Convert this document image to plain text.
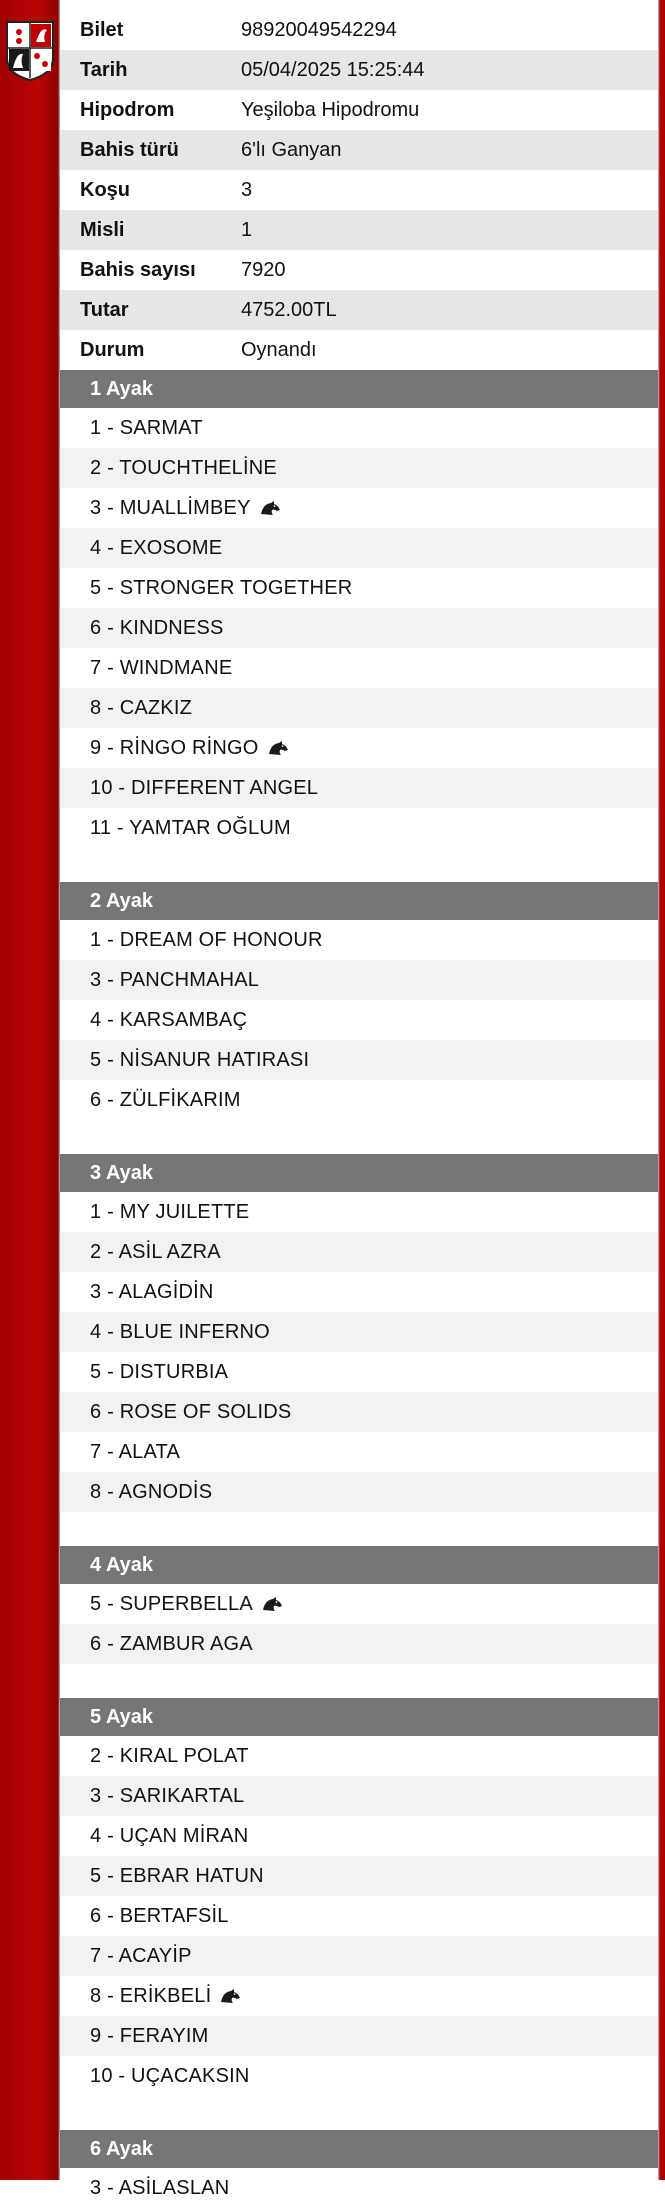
Bilet	98920049542294
Tarih	05/04/2025 15:25:44
Hipodrom	Yeşiloba Hipodromu
Bahis türü	6'lı Ganyan
Koşu	3
Misli	1
Bahis sayısı	7920
Tutar	4752.00TL
Durum	Oynandı
1 Ayak
1 - SARMAT
2 - TOUCHTHELİNE
3 - MUALLİMBEY
4 - EXOSOME
5 - STRONGER TOGETHER
6 - KINDNESS
7 - WINDMANE
8 - CAZKIZ
9 - RİNGO RİNGO
10 - DIFFERENT ANGEL
11 - YAMTAR OĞLUM
2 Ayak
1 - DREAM OF HONOUR
3 - PANCHMAHAL
4 - KARSAMBAÇ
5 - NİSANUR HATIRASI
6 - ZÜLFİKARIM
3 Ayak
1 - MY JUILETTE
2 - ASİL AZRA
3 - ALAGİDİN
4 - BLUE INFERNO
5 - DISTURBIA
6 - ROSE OF SOLIDS
7 - ALATA
8 - AGNODİS
4 Ayak
5 - SUPERBELLA
6 - ZAMBUR AGA
5 Ayak
2 - KIRAL POLAT
3 - SARIKARTAL
4 - UÇAN MİRAN
5 - EBRAR HATUN
6 - BERTAFSİL
7 - ACAYİP
8 - ERİKBELİ
9 - FERAYIM
10 - UÇACAKSIN
6 Ayak
3 - ASİLASLAN
